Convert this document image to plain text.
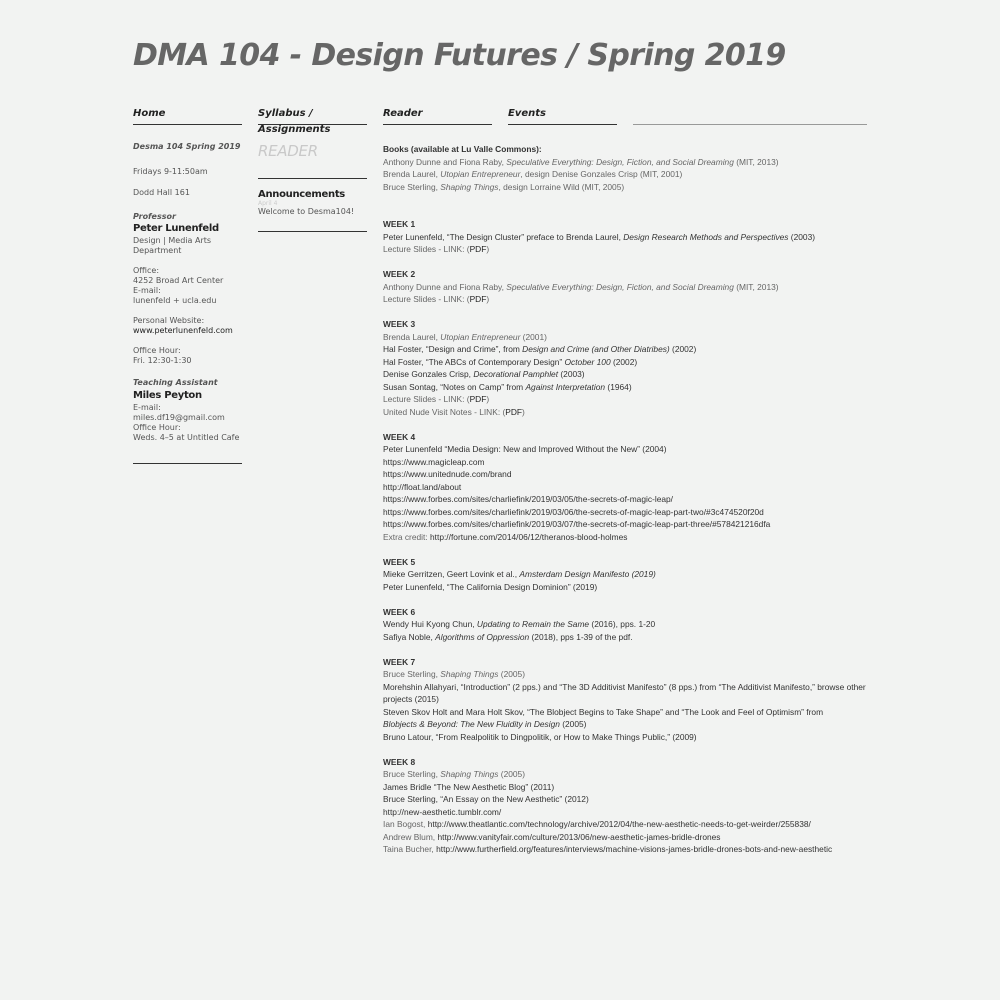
DMA 104 - Design Futures / Spring 2019
Home	Syllabus / Assignments
Reader	Events

Desma 104 Spring 2019

Fridays 9-11:50am

Dodd Hall 161

Professor

Peter Lunenfeld

Design | Media Arts

Department

Office:

4252 Broad Art Center

E-mail:

lunenfeld + ucla.edu

Personal Website:

www.peterlunenfeld.com

Office Hour:

Fri. 12:30-1:30

Teaching Assistant

Miles Peyton

E-mail:

miles.df19@gmail.com

Office Hour:

Weds. 4–5 at Untitled Cafe

READER

Announcements

April 4

Welcome to Desma104!

Books (available at Lu Valle Commons):

Anthony Dunne and Fiona Raby, Speculative Everything: Design, Fiction, and Social Dreaming (MIT, 2013)

Brenda Laurel, Utopian Entrepreneur, design Denise Gonzales Crisp (MIT, 2001)

Bruce Sterling, Shaping Things, design Lorraine Wild (MIT, 2005)

WEEK 1

Peter Lunenfeld, “The Design Cluster” preface to Brenda Laurel, Design Research Methods and Perspectives (2003)

Lecture Slides - LINK: (PDF)

WEEK 2

Anthony Dunne and Fiona Raby, Speculative Everything: Design, Fiction, and Social Dreaming (MIT, 2013)

Lecture Slides - LINK: (PDF)

WEEK 3

Brenda Laurel, Utopian Entrepreneur (2001)

Hal Foster, “Design and Crime”, from Design and Crime (and Other Diatribes) (2002)

Hal Foster, “The ABCs of Contemporary Design” October 100 (2002)

Denise Gonzales Crisp, Decorational Pamphlet (2003)

Susan Sontag, “Notes on Camp” from Against Interpretation (1964)

Lecture Slides - LINK: (PDF)

United Nude Visit Notes - LINK: (PDF)

WEEK 4

Peter Lunenfeld “Media Design: New and Improved Without the New” (2004)

https://www.magicleap.com

https://www.unitednude.com/brand

http://float.land/about

https://www.forbes.com/sites/charliefink/2019/03/05/the-secrets-of-magic-leap/

https://www.forbes.com/sites/charliefink/2019/03/06/the-secrets-of-magic-leap-part-two/#3c474520f20d

https://www.forbes.com/sites/charliefink/2019/03/07/the-secrets-of-magic-leap-part-three/#578421216dfa

Extra credit: http://fortune.com/2014/06/12/theranos-blood-holmes

WEEK 5

Mieke Gerritzen, Geert Lovink et al., Amsterdam Design Manifesto (2019)

Peter Lunenfeld, “The California Design Dominion” (2019)

WEEK 6

Wendy Hui Kyong Chun, Updating to Remain the Same (2016), pps. 1-20

Safiya Noble, Algorithms of Oppression (2018), pps 1-39 of the pdf.

WEEK 7

Bruce Sterling, Shaping Things (2005)

Morehshin Allahyari, “Introduction” (2 pps.) and “The 3D Additivist Manifesto” (8 pps.) from “The Additivist Manifesto,” browse other projects (2015)

Steven Skov Holt and Mara Holt Skov, “The Blobject Begins to Take Shape” and “The Look and Feel of Optimism” from
Blobjects & Beyond: The New Fluidity in Design (2005)

Bruno Latour, “From Realpolitik to Dingpolitik, or How to Make Things Public,” (2009)

WEEK 8

Bruce Sterling, Shaping Things (2005)

James Bridle “The New Aesthetic Blog” (2011)

Bruce Sterling, “An Essay on the New Aesthetic” (2012)

http://new-aesthetic.tumblr.com/

Ian Bogost, http://www.theatlantic.com/technology/archive/2012/04/the-new-aesthetic-needs-to-get-weirder/255838/

Andrew Blum, http://www.vanityfair.com/culture/2013/06/new-aesthetic-james-bridle-drones

Taina Bucher, http://www.furtherfield.org/features/interviews/machine-visions-james-bridle-drones-bots-and-new-aesthetic
